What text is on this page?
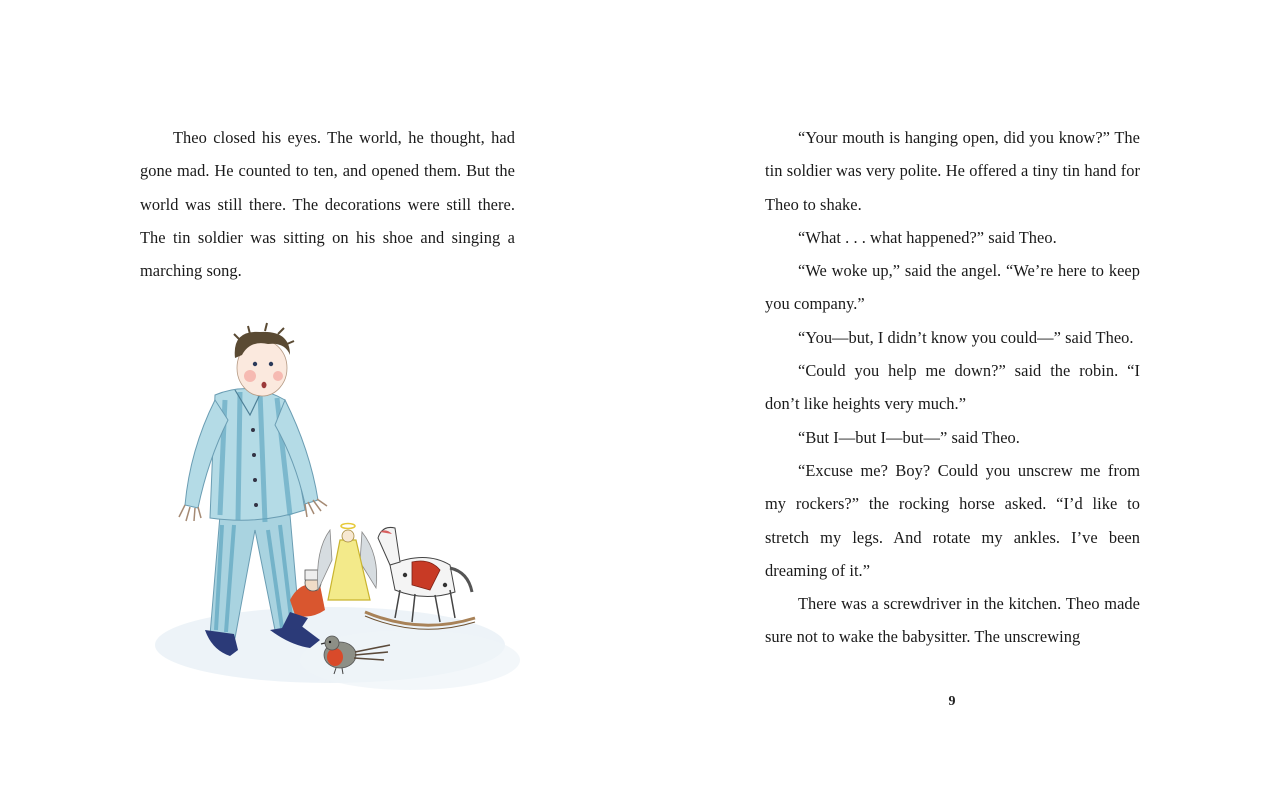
Theo closed his eyes. The world, he thought, had gone mad. He counted to ten, and opened them. But the world was still there. The decorations were still there. The tin soldier was sitting on his shoe and singing a marching song.

“Your mouth is hanging open, did you know?” The tin soldier was very polite. He offered a tiny tin hand for Theo to shake.

“What . . . what happened?” said Theo.

“We woke up,” said the angel. “We’re here to keep you company.”

“You—but, I didn’t know you could—” said Theo.

“Could you help me down?” said the robin. “I don’t like heights very much.”

“But I—but I—but—” said Theo.

“Excuse me? Boy? Could you unscrew me from my rockers?” the rocking horse asked. “I’d like to stretch my legs. And rotate my ankles. I’ve been dreaming of it.”

There was a screwdriver in the kitchen. Theo made sure not to wake the babysitter. The unscrewing

9
